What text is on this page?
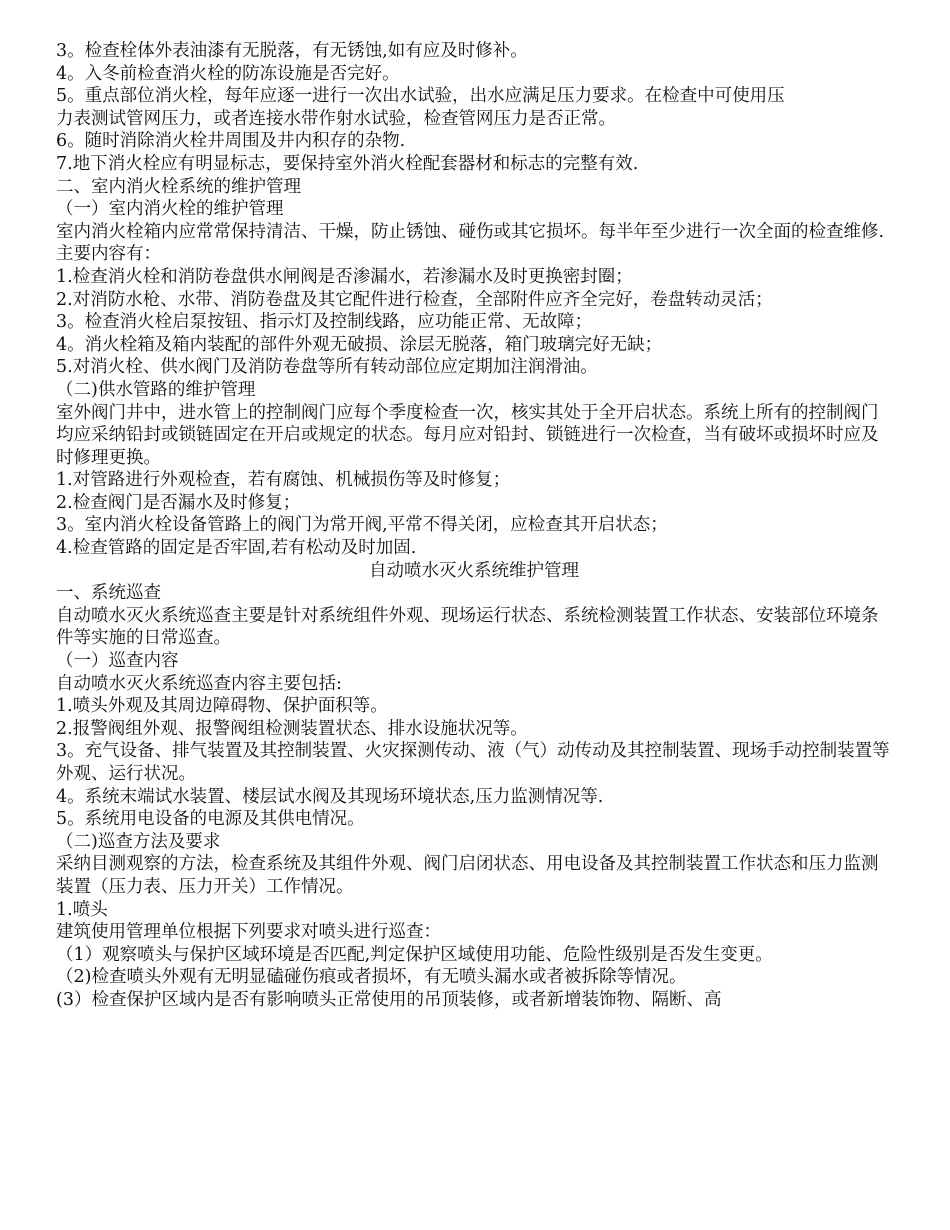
3。检查栓体外表油漆有无脱落，有无锈蚀,如有应及时修补。
4。入冬前检查消火栓的防冻设施是否完好。
5。重点部位消火栓，每年应逐一进行一次出水试验，出水应满足压力要求。在检查中可使用压
力表测试管网压力，或者连接水带作射水试验，检查管网压力是否正常。
6。随时消除消火栓井周围及井内积存的杂物.
7.地下消火栓应有明显标志，要保持室外消火栓配套器材和标志的完整有效.
二、室内消火栓系统的维护管理
（一）室内消火栓的维护管理
室内消火栓箱内应常常保持清洁、干燥，防止锈蚀、碰伤或其它损坏。每半年至少进行一次全面的检查维修.主要内容有：
1.检查消火栓和消防卷盘供水闸阀是否渗漏水，若渗漏水及时更换密封圈；
2.对消防水枪、水带、消防卷盘及其它配件进行检查，全部附件应齐全完好，卷盘转动灵活；
3。检查消火栓启泵按钮、指示灯及控制线路，应功能正常、无故障；
4。消火栓箱及箱内装配的部件外观无破损、涂层无脱落，箱门玻璃完好无缺；
5.对消火栓、供水阀门及消防卷盘等所有转动部位应定期加注润滑油。
（二)供水管路的维护管理
室外阀门井中，进水管上的控制阀门应每个季度检查一次，核实其处于全开启状态。系统上所有的控制阀门均应采纳铅封或锁链固定在开启或规定的状态。每月应对铅封、锁链进行一次检查，当有破坏或损坏时应及时修理更换。
1.对管路进行外观检查，若有腐蚀、机械损伤等及时修复；
2.检查阀门是否漏水及时修复；
3。室内消火栓设备管路上的阀门为常开阀,平常不得关闭，应检查其开启状态；
4.检查管路的固定是否牢固,若有松动及时加固.
自动喷水灭火系统维护管理
一、系统巡查
自动喷水灭火系统巡查主要是针对系统组件外观、现场运行状态、系统检测装置工作状态、安装部位环境条件等实施的日常巡查。
（一）巡查内容
自动喷水灭火系统巡查内容主要包括:
1.喷头外观及其周边障碍物、保护面积等。
2.报警阀组外观、报警阀组检测装置状态、排水设施状况等。
3。充气设备、排气装置及其控制装置、火灾探测传动、液（气）动传动及其控制装置、现场手动控制装置等外观、运行状况。
4。系统末端试水装置、楼层试水阀及其现场环境状态,压力监测情况等.
5。系统用电设备的电源及其供电情况。
（二)巡查方法及要求
采纳目测观察的方法，检查系统及其组件外观、阀门启闭状态、用电设备及其控制装置工作状态和压力监测装置（压力表、压力开关）工作情况。
1.喷头
建筑使用管理单位根据下列要求对喷头进行巡查：
（1）观察喷头与保护区域环境是否匹配,判定保护区域使用功能、危险性级别是否发生变更。
（2)检查喷头外观有无明显磕碰伤痕或者损坏，有无喷头漏水或者被拆除等情况。
(3）检查保护区域内是否有影响喷头正常使用的吊顶装修，或者新增装饰物、隔断、高
